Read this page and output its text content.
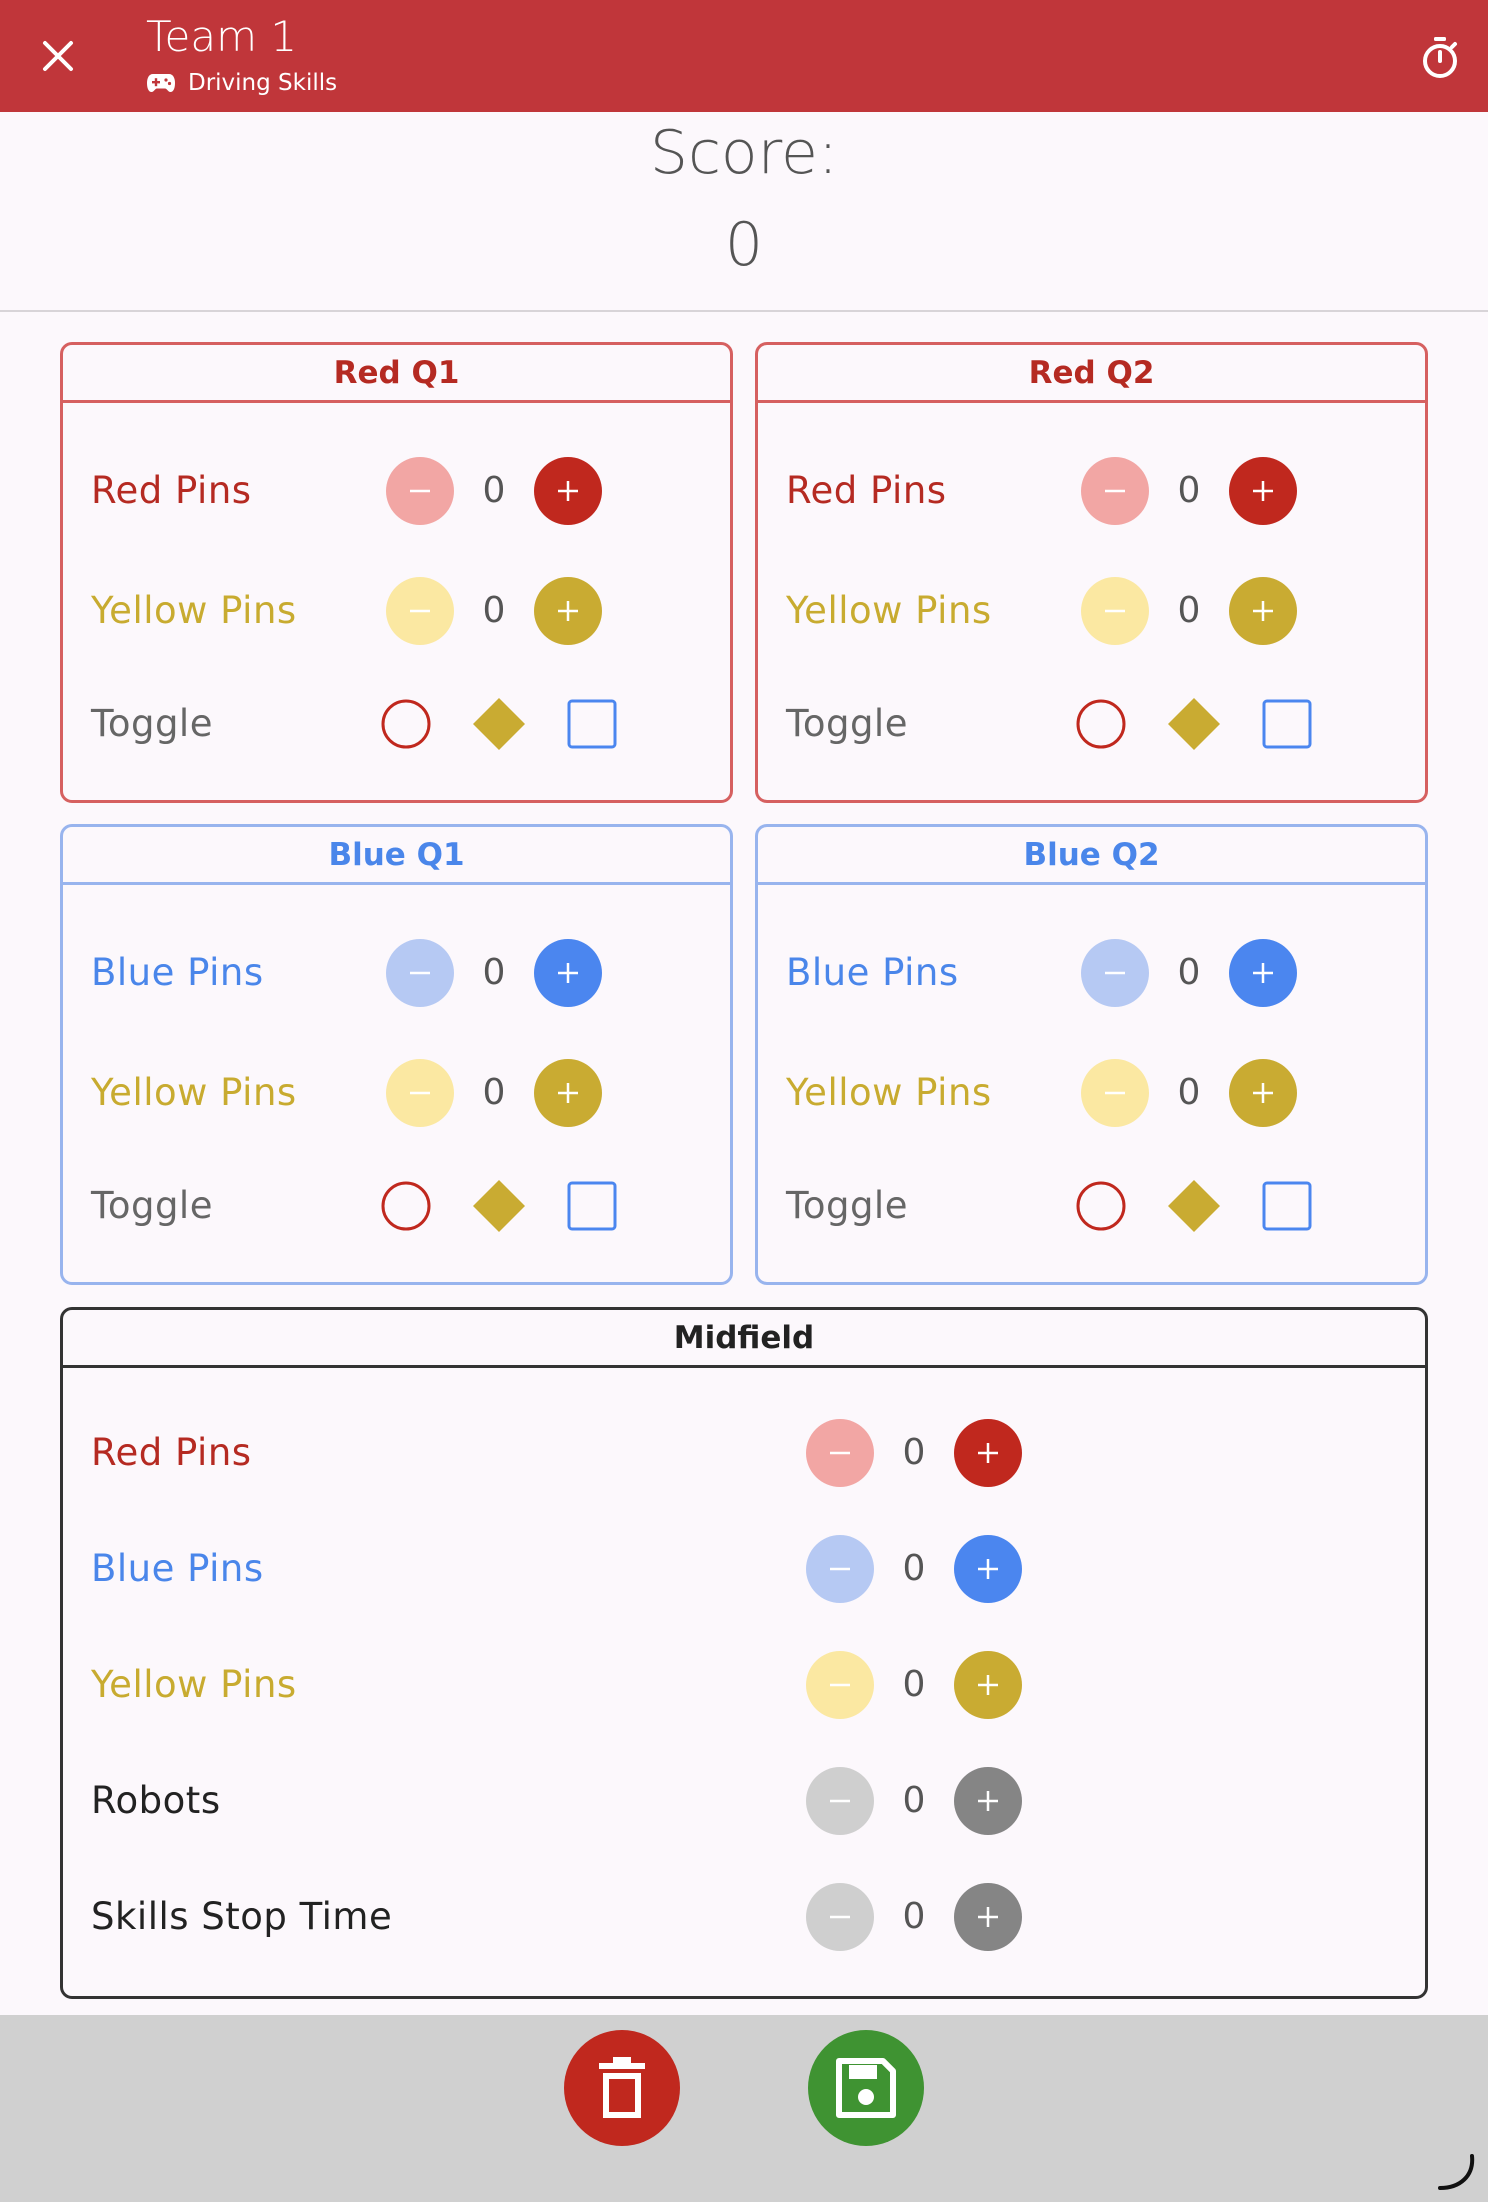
Team 1
Driving Skills
Score:
0
Red Q1
Red Pins	0
Yellow Pins	0
Toggle
Red Q2
Red Pins	0
Yellow Pins	0
Toggle
Blue Q1
Blue Pins	0
Yellow Pins	0
Toggle
Blue Q2
Blue Pins	0
Yellow Pins	0
Toggle
Midfield
Red Pins	0
Blue Pins	0
Yellow Pins	0
Robots	0
Skills Stop Time	0
